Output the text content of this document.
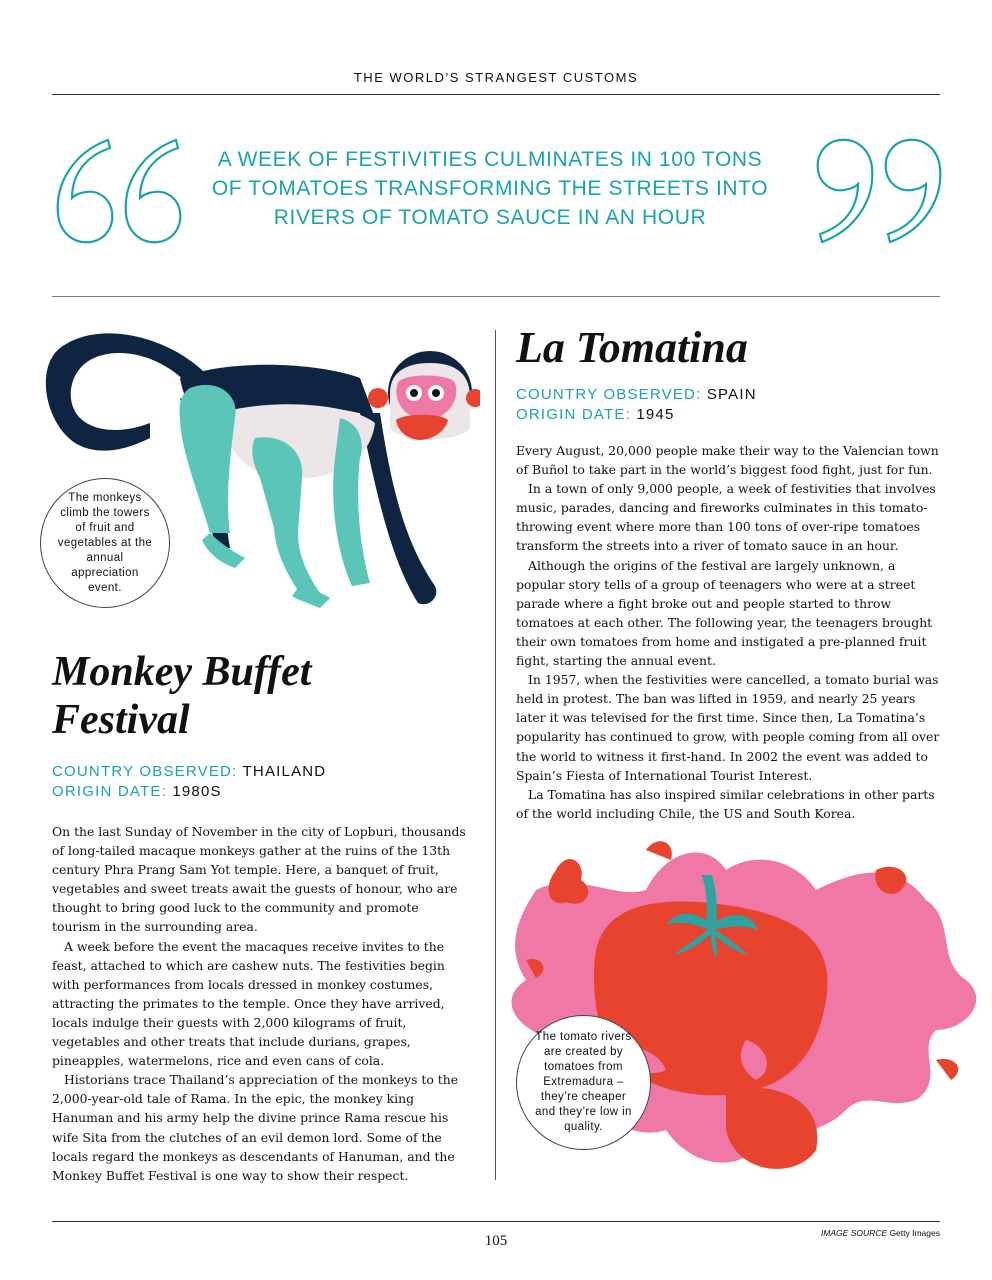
THE WORLD’S STRANGEST CUSTOMS
A WEEK OF FESTIVITIES CULMINATES IN 100 TONS OF TOMATOES TRANSFORMING THE STREETS INTO RIVERS OF TOMATO SAUCE IN AN HOUR
The monkeys climb the towers of fruit and vegetables at the annual appreciation event.
Monkey Buffet
Festival
COUNTRY OBSERVED: THAILAND
ORIGIN DATE: 1980S

On the last Sunday of November in the city of Lopburi, thousands of long-tailed macaque monkeys gather at the ruins of the 13th century Phra Prang Sam Yot temple. Here, a banquet of fruit, vegetables and sweet treats await the guests of honour, who are thought to bring good luck to the community and promote tourism in the surrounding area.

A week before the event the macaques receive invites to the feast, attached to which are cashew nuts. The festivities begin with performances from locals dressed in monkey costumes, attracting the primates to the temple. Once they have arrived, locals indulge their guests with 2,000 kilograms of fruit, vegetables and other treats that include durians, grapes, pineapples, watermelons, rice and even cans of cola.

Historians trace Thailand’s appreciation of the monkeys to the 2,000-year-old tale of Rama. In the epic, the monkey king Hanuman and his army help the divine prince Rama rescue his wife Sita from the clutches of an evil demon lord. Some of the locals regard the monkeys as descendants of Hanuman, and the Monkey Buffet Festival is one way to show their respect.

La Tomatina
COUNTRY OBSERVED: SPAIN
ORIGIN DATE: 1945

Every August, 20,000 people make their way to the Valencian town of Buñol to take part in the world’s biggest food fight, just for fun.

In a town of only 9,000 people, a week of festivities that involves music, parades, dancing and fireworks culminates in this tomato-throwing event where more than 100 tons of over-ripe tomatoes transform the streets into a river of tomato sauce in an hour.

Although the origins of the festival are largely unknown, a popular story tells of a group of teenagers who were at a street parade where a fight broke out and people started to throw tomatoes at each other. The following year, the teenagers brought their own tomatoes from home and instigated a pre-planned fruit fight, starting the annual event.

In 1957, when the festivities were cancelled, a tomato burial was held in protest. The ban was lifted in 1959, and nearly 25 years later it was televised for the first time. Since then, La Tomatina’s popularity has continued to grow, with people coming from all over the world to witness it first-hand. In 2002 the event was added to Spain’s Fiesta of International Tourist Interest.

La Tomatina has also inspired similar celebrations in other parts of the world including Chile, the US and South Korea.

The tomato rivers are created by tomatoes from Extremadura – they’re cheaper and they’re low in quality.
105	IMAGE SOURCE Getty Images
